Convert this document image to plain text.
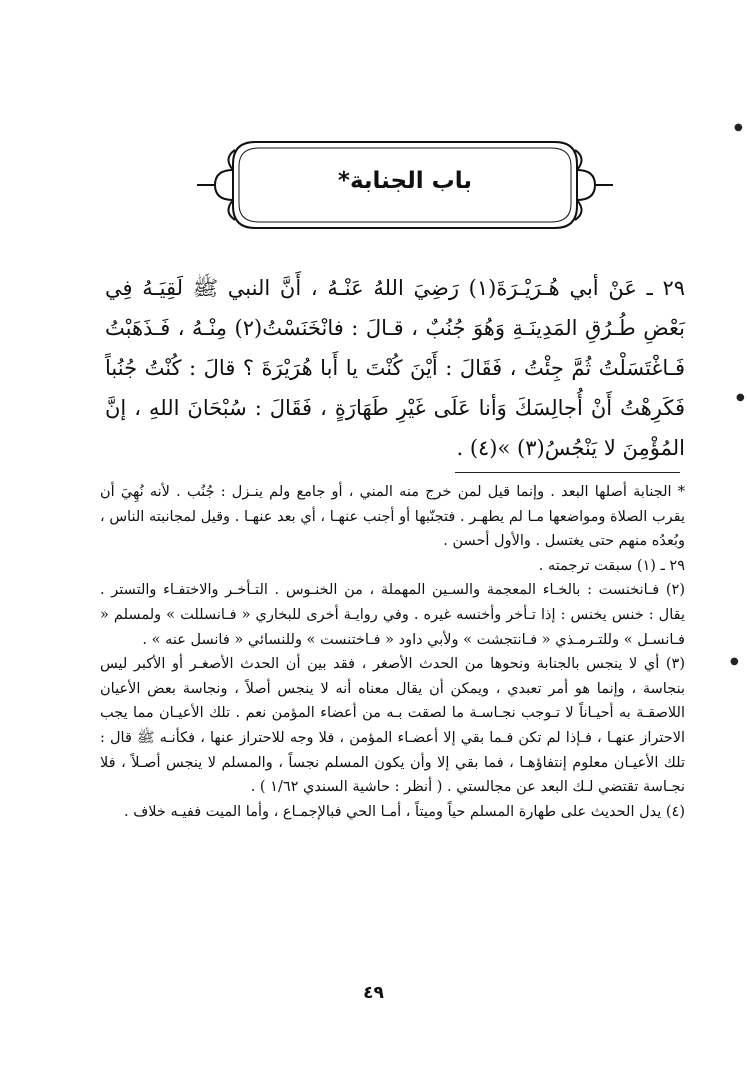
باب الجنابة*

٢٩ ـ عَنْ أبي هُـرَيْـرَةَ(١) رَضِيَ اللهُ عَنْـهُ ، أَنَّ النبي ﷺ لَقِيَـهُ فِي بَعْضِ طُـرُقِ المَدِينَـةِ وَهُوَ جُنُبٌ ، قـالَ : فانْخَنَسْتُ(٢) مِنْـهُ ، فَـذَهَبْتُ فَـاغْتَسَلْتُ ثُمَّ جِئْتُ ، فَقَالَ : أَيْنَ كُنْتَ يا أَبا هُرَيْرَةَ ؟ قالَ : كُنْتُ جُنُباً فَكَرِهْتُ أَنْ أُجالِسَكَ وَأنا عَلَى غَيْرِ طَهَارَةٍ ، فَقَالَ : سُبْحَانَ اللهِ ، إنَّ المُؤْمِنَ لا يَنْجُسُ(٣) »(٤) .

* الجنابة أصلها البعد . وإنما قيل لمن خرج منه المني ، أو جامع ولم ينـزل : جُنُب . لأنه نُهِيَ أن يقرب الصلاة ومواضعها مـا لم يطهـر . فتجنّبها أو أجنب عنهـا ، أي بعد عنهـا . وقيل لمجانبته الناس ، وبُعدُه منهم حتى يغتسل . والأول أحسن .

٢٩ ـ (١) سبقت ترجمته .

(٢) فـانخنست : بالخـاء المعجمة والسـين المهملة ، من الخنـوس . التـأخـر والاختفـاء والتستر . يقال : خنس يخنس : إذا تـأخر وأخنسه غيره . وفي روايـة أخرى للبخاري « فـانسللت » ولمسلم « فـانسـل » وللتـرمـذي « فـانتجشت » ولأبي داود « فـاختنست » وللنسائي « فانسل عنه » .

(٣) أي لا ينجس بالجنابة ونحوها من الحدث الأصغر ، فقد بين أن الحدث الأصغـر أو الأكبر ليس بنجاسة ، وإنما هو أمر تعبدي ، ويمكن أن يقال معناه أنه لا ينجس أصلاً ، ونجاسة بعض الأعيان اللاصقـة به أحيـاناً لا تـوجب نجـاسـة ما لصقت بـه من أعضاء المؤمن نعم . تلك الأعيـان مما يجب الاحتراز عنهـا ، فـإذا لم تكن فـما بقي إلا أعضـاء المؤمن ، فلا وجه للاحتراز عنها ، فكأنـه ﷺ قال : تلك الأعيـان معلوم إنتفاؤهـا ، فما بقي إلا وأن يكون المسلم نجساً ، والمسلم لا ينجس أصـلاً ، فلا نجـاسة تقتضي لـك البعد عن مجالستي . ( أنظر : حاشية السندي ١/٦٢ ) .

(٤) يدل الحديث على طهارة المسلم حياً وميتاً ، أمـا الحي فبالإجمـاع ، وأما الميت ففيـه خلاف .

٤٩
●
●
●
